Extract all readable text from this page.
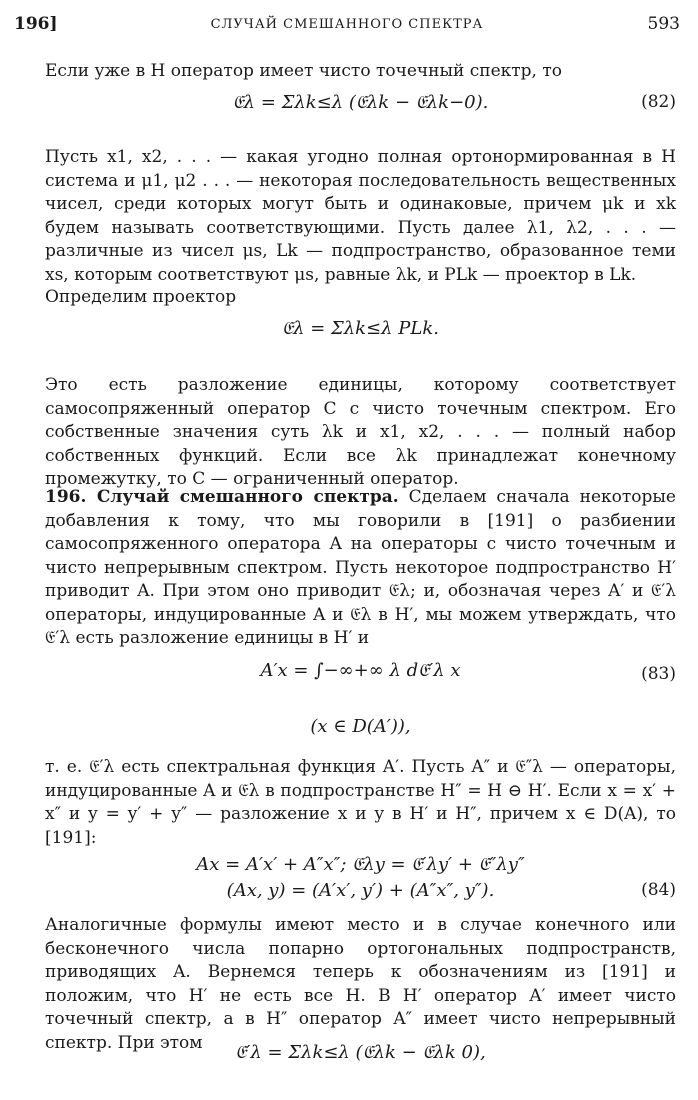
196]	СЛУЧАЙ СМЕШАННОГО СПЕКТРА	593
Если уже в H оператор имеет чисто точечный спектр, то
𝔈λ = Σλk≤λ (𝔈λk − 𝔈λk−0).	(82)
Пусть x1, x2, . . . — какая угодно полная ортонормированная в H система и μ1, μ2 . . . — некоторая последовательность вещественных чисел, среди которых могут быть и одинаковые, причем μk и xk будем называть соответствующими. Пусть далее λ1, λ2, . . . — различные из чисел μs, Lk — подпространство, образованное теми xs, которым соответствуют μs, равные λk, и PLk — проектор в Lk.
Определим проектор
𝔈λ = Σλk≤λ PLk.
Это есть разложение единицы, которому соответствует самосопряженный оператор C с чисто точечным спектром. Его собственные значения суть λk и x1, x2, . . . — полный набор собственных функций. Если все λk принадлежат конечному промежутку, то C — ограниченный оператор.
196. Случай смешанного спектра. Сделаем сначала некоторые добавления к тому, что мы говорили в [191] о разбиении самосопряженного оператора A на операторы с чисто точечным и чисто непрерывным спектром. Пусть некоторое подпространство H′ приводит A. При этом оно приводит 𝔈λ; и, обозначая через A′ и 𝔈′λ операторы, индуцированные A и 𝔈λ в H′, мы можем утверждать, что 𝔈′λ есть разложение единицы в H′ и
A′x = ∫−∞+∞ λ d𝔈′λ x	(83)
(x ∈ D(A′)),
т. е. 𝔈′λ есть спектральная функция A′. Пусть A″ и 𝔈″λ — операторы, индуцированные A и 𝔈λ в подпространстве H″ = H ⊖ H′. Если x = x′ + x″ и y = y′ + y″ — разложение x и y в H′ и H″, причем x ∈ D(A), то [191]:
Ax = A′x′ + A″x″; 𝔈λy = 𝔈′λy′ + 𝔈″λy″
(Ax, y) = (A′x′, y′) + (A″x″, y″).	(84)
Аналогичные формулы имеют место и в случае конечного или бесконечного числа попарно ортогональных подпространств, приводящих A. Вернемся теперь к обозначениям из [191] и положим, что H′ не есть все H. В H′ оператор A′ имеет чисто точечный спектр, а в H″ оператор A″ имеет чисто непрерывный спектр. При этом	𝔈′λ = Σλk≤λ (𝔈λk − 𝔈λk 0),
